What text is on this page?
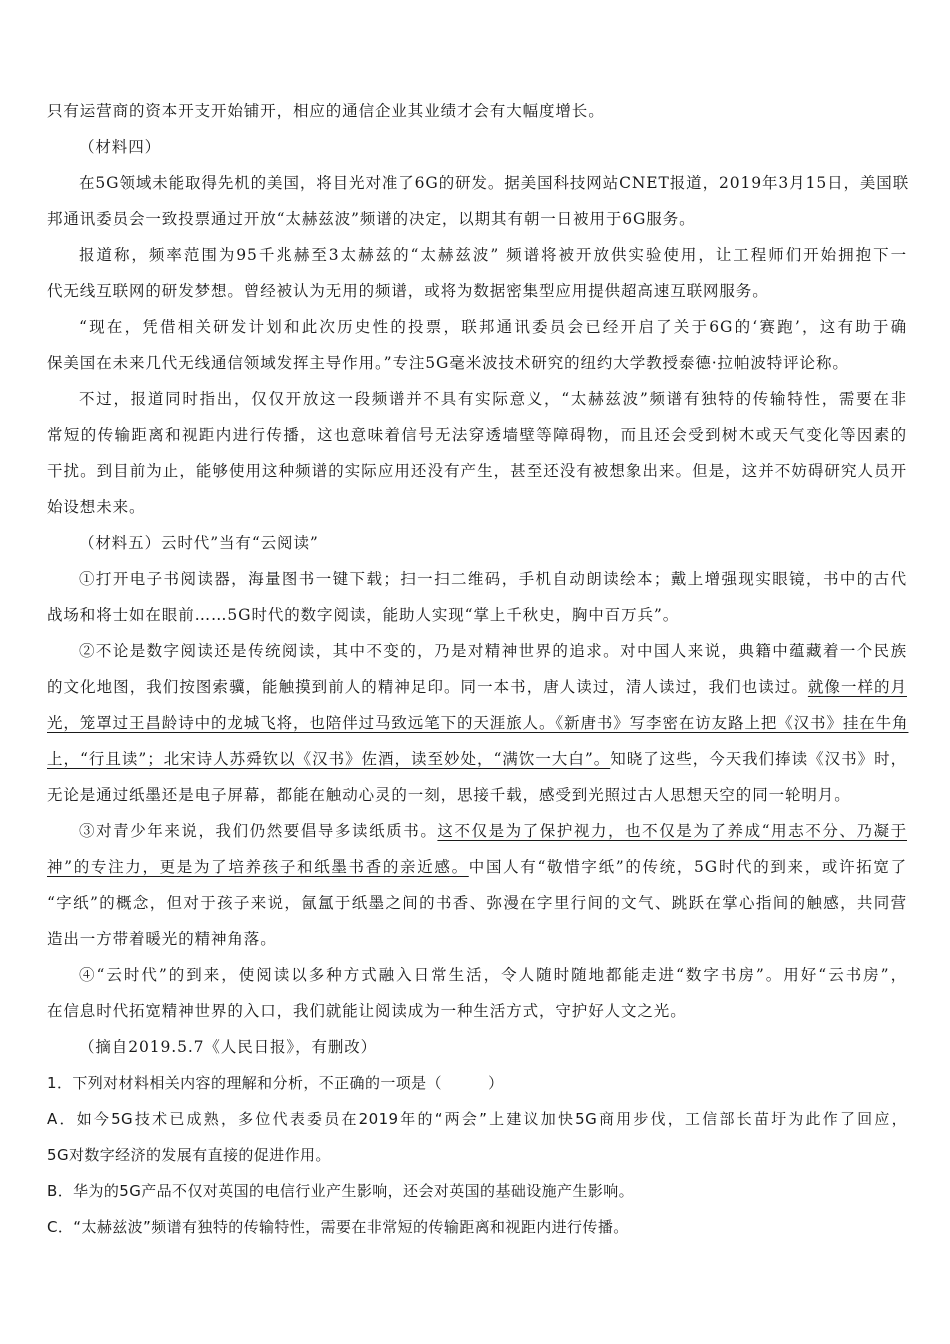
只有运营商的资本开支开始铺开，相应的通信企业其业绩才会有大幅度增长。
（材料四）
在5G领域未能取得先机的美国，将目光对准了6G的研发。据美国科技网站CNET报道，2019年3月15日，美国联
邦通讯委员会一致投票通过开放“太赫兹波”频谱的决定，以期其有朝一日被用于6G服务。
报道称，频率范围为95千兆赫至3太赫兹的“太赫兹波” 频谱将被开放供实验使用，让工程师们开始拥抱下一
代无线互联网的研发梦想。曾经被认为无用的频谱，或将为数据密集型应用提供超高速互联网服务。
“现在，凭借相关研发计划和此次历史性的投票，联邦通讯委员会已经开启了关于6G的‘赛跑’，这有助于确
保美国在未来几代无线通信领域发挥主导作用。”专注5G毫米波技术研究的纽约大学教授泰德·拉帕波特评论称。
不过，报道同时指出，仅仅开放这一段频谱并不具有实际意义，“太赫兹波”频谱有独特的传输特性，需要在非
常短的传输距离和视距内进行传播，这也意味着信号无法穿透墙壁等障碍物，而且还会受到树木或天气变化等因素的
干扰。到目前为止，能够使用这种频谱的实际应用还没有产生，甚至还没有被想象出来。但是，这并不妨碍研究人员开
始设想未来。
（材料五）云时代”当有“云阅读”
①打开电子书阅读器，海量图书一键下载；扫一扫二维码，手机自动朗读绘本；戴上增强现实眼镜，书中的古代
战场和将士如在眼前……5G时代的数字阅读，能助人实现“掌上千秋史，胸中百万兵”。
②不论是数字阅读还是传统阅读，其中不变的，乃是对精神世界的追求。对中国人来说，典籍中蕴藏着一个民族
的文化地图，我们按图索骥，能触摸到前人的精神足印。同一本书，唐人读过，清人读过，我们也读过。就像一样的月
光，笼罩过王昌龄诗中的龙城飞将，也陪伴过马致远笔下的天涯旅人。《新唐书》写李密在访友路上把《汉书》挂在牛角
上，“行且读”；北宋诗人苏舜钦以《汉书》佐酒，读至妙处，“满饮一大白”。知晓了这些，今天我们捧读《汉书》时，
无论是通过纸墨还是电子屏幕，都能在触动心灵的一刻，思接千载，感受到光照过古人思想天空的同一轮明月。
③对青少年来说，我们仍然要倡导多读纸质书。这不仅是为了保护视力，也不仅是为了养成“用志不分、乃凝于
神”的专注力，更是为了培养孩子和纸墨书香的亲近感。中国人有“敬惜字纸”的传统，5G时代的到来，或许拓宽了
“字纸”的概念，但对于孩子来说，氤氲于纸墨之间的书香、弥漫在字里行间的文气、跳跃在掌心指间的触感，共同营
造出一方带着暖光的精神角落。
④“云时代”的到来，使阅读以多种方式融入日常生活，令人随时随地都能走进“数字书房”。用好“云书房”，
在信息时代拓宽精神世界的入口，我们就能让阅读成为一种生活方式，守护好人文之光。
（摘自2019.5.7《人民日报》，有删改）
1．下列对材料相关内容的理解和分析，不正确的一项是（　　　）
A．如今5G技术已成熟，多位代表委员在2019年的“两会”上建议加快5G商用步伐，工信部长苗圩为此作了回应，
5G对数字经济的发展有直接的促进作用。
B．华为的5G产品不仅对英国的电信行业产生影响，还会对英国的基础设施产生影响。
C．“太赫兹波”频谱有独特的传输特性，需要在非常短的传输距离和视距内进行传播。
